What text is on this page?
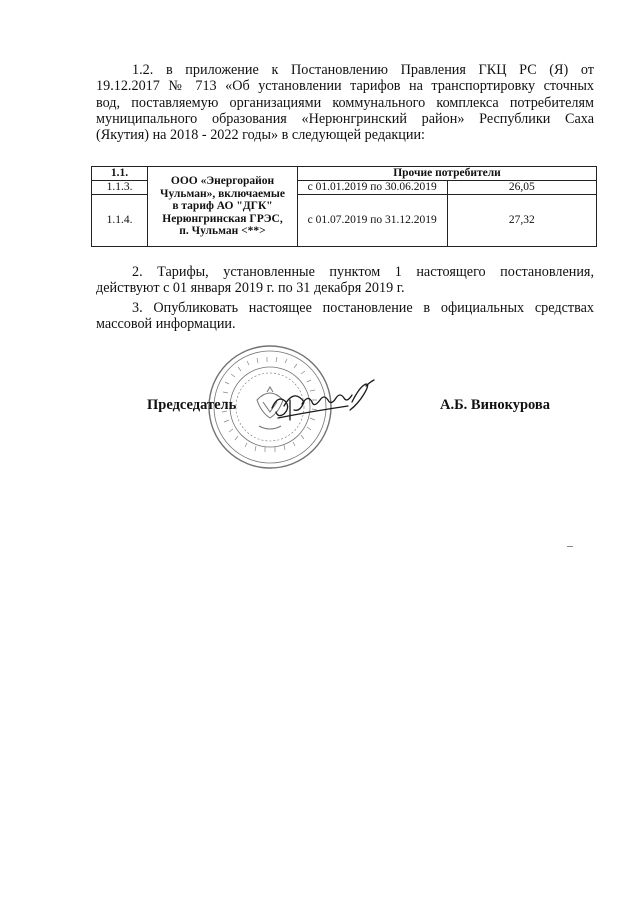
1.2. в приложение к Постановлению Правления ГКЦ РС (Я) от
19.12.2017 № 713 «Об установлении тарифов на транспортировку сточных
вод, поставляемую организациями коммунального комплекса потребителям
муниципального образования «Нерюнгринский район» Республики Саха
(Якутия) на 2018 - 2022 годы» в следующей редакции:
1.1.	ООО «Энергорайон Чульман», включаемые в тариф АО "ДГК" Нерюнгринская ГРЭС, п. Чульман <**>	Прочие потребители	
1.1.3.		с 01.01.2019 по 30.06.2019	26,05
1.1.4.		с 01.07.2019 по 31.12.2019	27,32
2. Тарифы, установленные пунктом 1 настоящего постановления,
действуют с 01 января 2019 г. по 31 декабря 2019 г.
3. Опубликовать настоящее постановление в официальных средствах
массовой информации.
Председатель	А.Б. Винокурова
